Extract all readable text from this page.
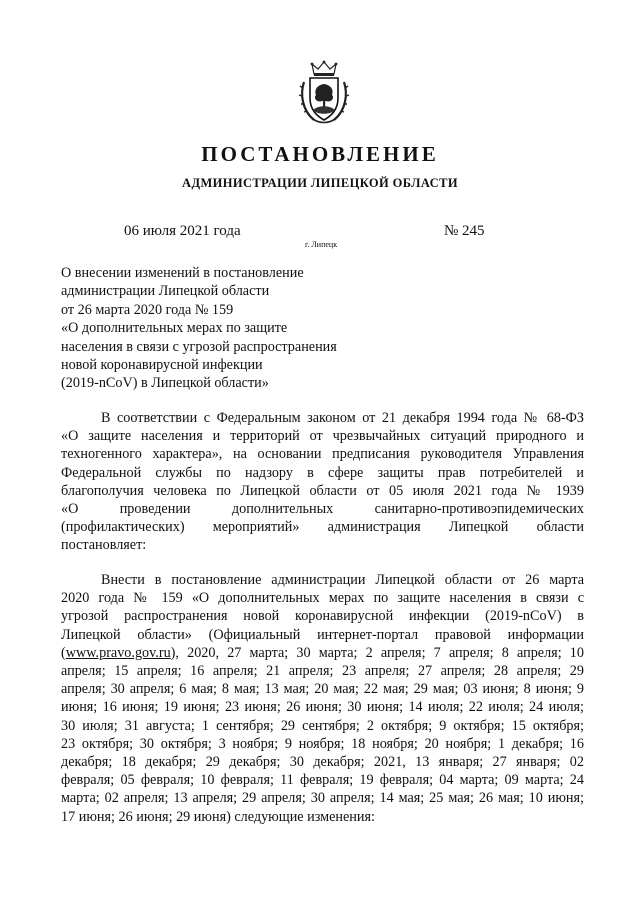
ПОСТАНОВЛЕНИЕ
АДМИНИСТРАЦИИ ЛИПЕЦКОЙ ОБЛАСТИ
06 июля 2021 года
г. Липецк
№ 245
О внесении изменений в постановление
администрации Липецкой области
от 26 марта 2020 года № 159
«О дополнительных мерах по защите
населения в связи с угрозой распространения
новой коронавирусной инфекции
(2019-nCoV) в Липецкой области»
В соответствии с Федеральным законом от 21 декабря 1994 года № 68-ФЗ
«О защите населения и территорий от чрезвычайных ситуаций природного и
техногенного характера», на основании предписания руководителя Управления
Федеральной службы по надзору в сфере защиты прав потребителей и
благополучия человека по Липецкой области от 05 июля 2021 года № 1939
«О проведении дополнительных санитарно-противоэпидемических
(профилактических) мероприятий» администрация Липецкой области
постановляет:
Внести в постановление администрации Липецкой области от 26 марта
2020 года № 159 «О дополнительных мерах по защите населения в связи с
угрозой распространения новой коронавирусной инфекции (2019-nCoV) в
Липецкой области» (Официальный интернет-портал правовой информации
(www.pravo.gov.ru), 2020, 27 марта; 30 марта; 2 апреля; 7 апреля; 8 апреля; 10
апреля; 15 апреля; 16 апреля; 21 апреля; 23 апреля; 27 апреля; 28 апреля; 29
апреля; 30 апреля; 6 мая; 8 мая; 13 мая; 20 мая; 22 мая; 29 мая; 03 июня; 8 июня; 9
июня; 16 июня; 19 июня; 23 июня; 26 июня; 30 июня; 14 июля; 22 июля; 24 июля;
30 июля; 31 августа; 1 сентября; 29 сентября; 2 октября; 9 октября; 15 октября;
23 октября; 30 октября; 3 ноября; 9 ноября; 18 ноября; 20 ноября; 1 декабря; 16
декабря; 18 декабря; 29 декабря; 30 декабря; 2021, 13 января; 27 января; 02
февраля; 05 февраля; 10 февраля; 11 февраля; 19 февраля; 04 марта; 09 марта; 24
марта; 02 апреля; 13 апреля; 29 апреля; 30 апреля; 14 мая; 25 мая; 26 мая; 10 июня;
17 июня; 26 июня; 29 июня) следующие изменения:
